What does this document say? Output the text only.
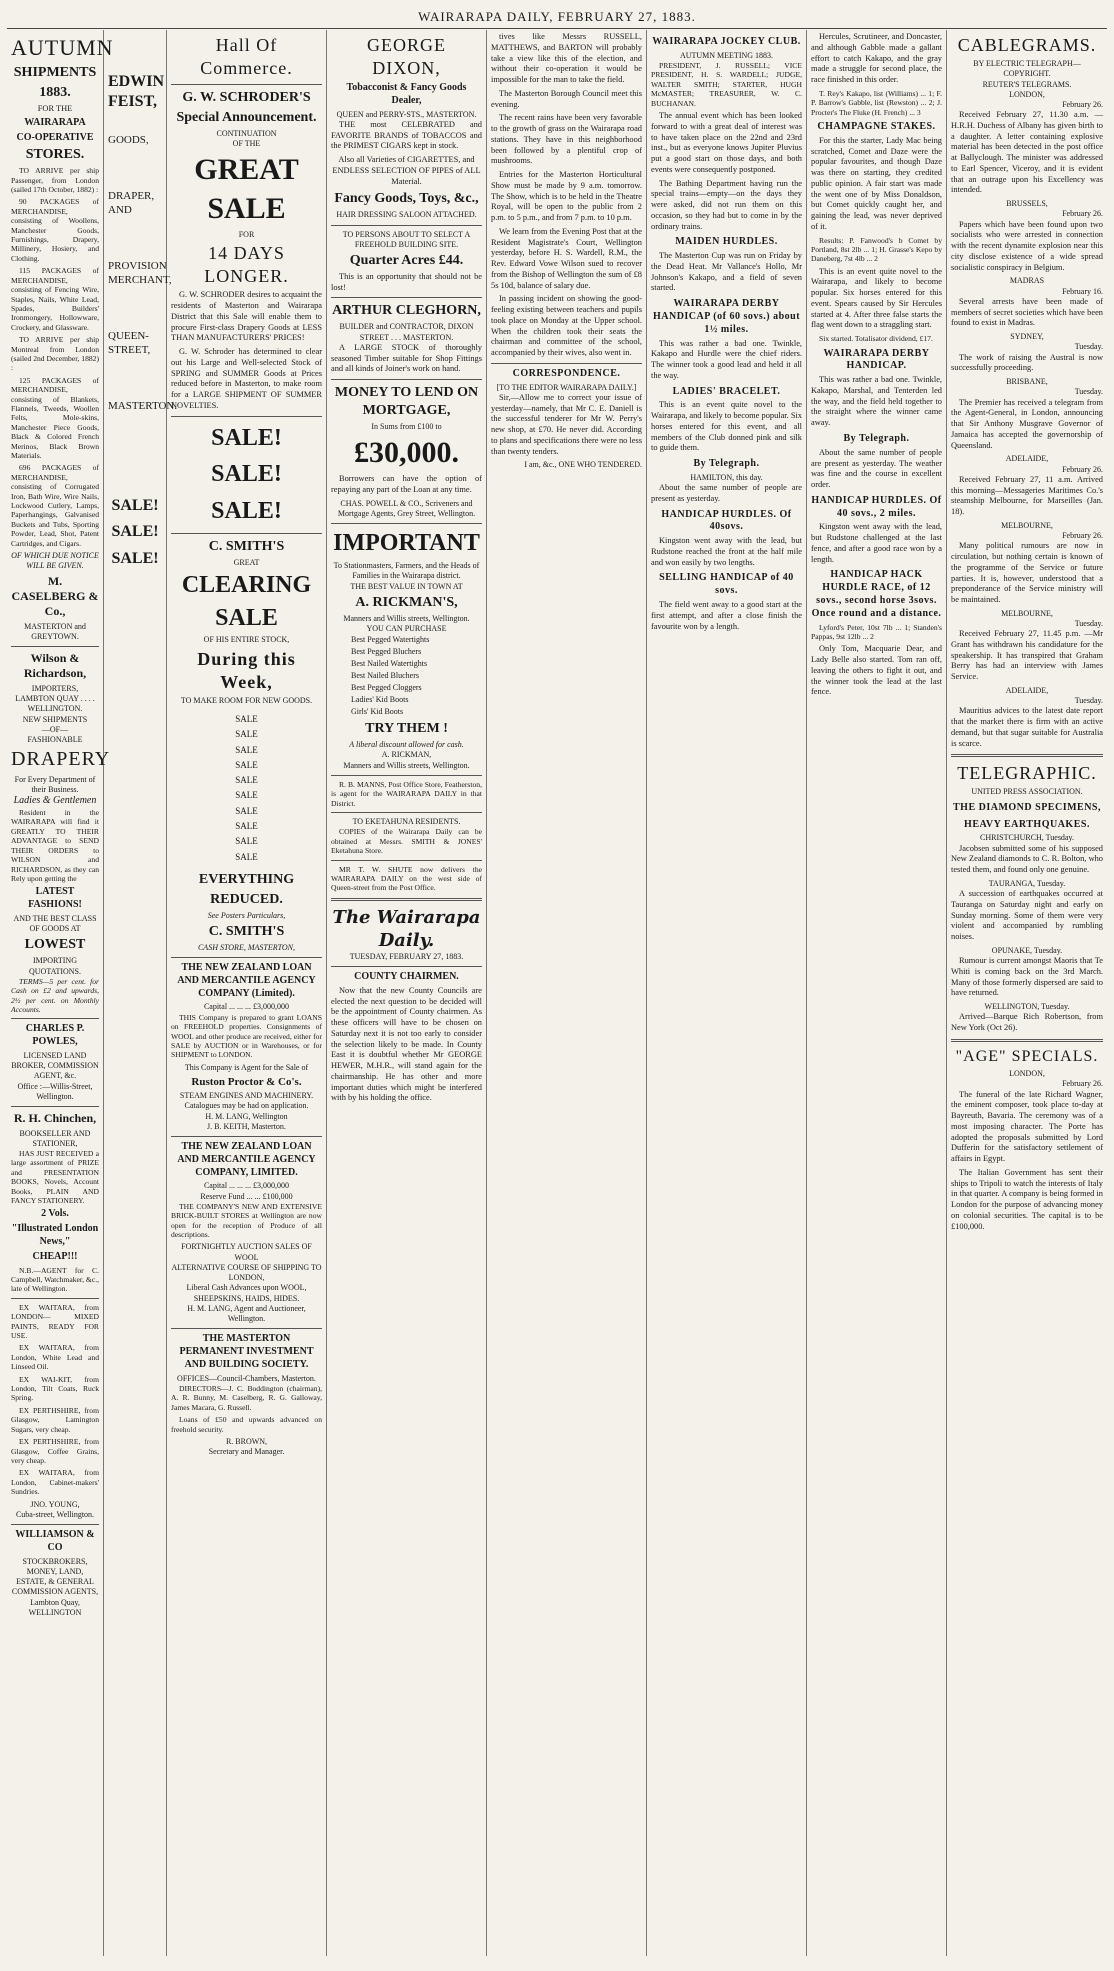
WAIRARAPA DAILY, FEBRUARY 27, 1883.
AUTUMN
SHIPMENTS
1883.
FOR THE
WAIRARAPA
CO-OPERATIVE
STORES.

TO ARRIVE per ship Passenger, from London (sailed 17th October, 1882) :

90 PACKAGES of MERCHANDISE, consisting of Woollens, Manchester Goods, Furnishings, Drapery, Millinery, Hosiery, and Clothing.

115 PACKAGES of MERCHANDISE, consisting of Fencing Wire, Staples, Nails, White Lead, Spades, Builders' Ironmongery, Hollowware, Crockery, and Glassware.

TO ARRIVE per ship Montreal from London (sailed 2nd December, 1882) :

125 PACKAGES of MERCHANDISE, consisting of Blankets, Flannels, Tweeds, Woollen Felts, Mole-skins, Manchester Piece Goods, Black & Colored French Merinos, Black Brown Materials.

696 PACKAGES of MERCHANDISE, consisting of Corrugated Iron, Bath Wire, Wire Nails, Lockwood Cutlery, Lamps, Paperhangings, Galvanised Buckets and Tubs, Sporting Powder, Lead, Shot, Patent Cartridges, and Cigars.

OF WHICH DUE NOTICE WILL BE GIVEN.
M. CASELBERG & Co.,
MASTERTON and GREYTOWN.
Wilson & Richardson,
IMPORTERS,
LAMBTON QUAY . . . . WELLINGTON.
NEW SHIPMENTS
—OF—
FASHIONABLE
DRAPERY
For Every Department of their Business.
Ladies & Gentlemen

Resident in the WAIRARAPA will find it GREATLY TO THEIR ADVANTAGE to SEND THEIR ORDERS to WILSON and RICHARDSON, as they can Rely upon getting the

LATEST FASHIONS!
AND THE BEST CLASS OF GOODS AT
LOWEST
IMPORTING QUOTATIONS.

TERMS—5 per cent. for Cash on £2 and upwards, 2½ per cent. on Monthly Accounts.

CHARLES P. POWLES,
LICENSED LAND BROKER, COMMISSION AGENT, &c.
Office :—Willis-Street, Wellington.
R. H. Chinchen,
BOOKSELLER AND STATIONER,

HAS JUST RECEIVED a large assortment of PRIZE and PRESENTATION BOOKS, Novels, Account Books, PLAIN AND FANCY STATIONERY.

2 Vols.
"Illustrated London News,"
CHEAP!!!

N.B.—AGENT for C. Campbell, Watchmaker, &c., late of Wellington.

EX WAITARA, from LONDON— MIXED PAINTS, READY FOR USE.

EX WAITARA, from London, White Lead and Linseed Oil.

EX WAI-KIT, from London, Tilt Coats, Ruck Spring.

EX PERTHSHIRE, from Glasgow, Lamington Sugars, very cheap.

EX PERTHSHIRE, from Glasgow, Coffee Grains, very cheap.

EX WAITARA, from London, Cabinet-makers' Sundries.

JNO. YOUNG,
Cuba-street, Wellington.
WILLIAMSON & CO
STOCKBROKERS, MONEY, LAND, ESTATE, & GENERAL COMMISSION AGENTS, Lambton Quay, WELLINGTON
EDWIN FEIST,
GOODS,
DRAPER, AND
PROVISION MERCHANT,
QUEEN-STREET,
MASTERTON.
SALE!
SALE!
SALE!
Hall Of Commerce.
G. W. SCHRODER'S
Special Announcement.
CONTINUATION
OF THE
GREAT SALE
FOR
14 DAYS LONGER.

G. W. SCHRODER desires to acquaint the residents of Masterton and Wairarapa District that this Sale will enable them to procure First-class Drapery Goods at LESS THAN MANUFACTURERS' PRICES!

G. W. Schroder has determined to clear out his Large and Well-selected Stock of SPRING and SUMMER Goods at Prices reduced before in Masterton, to make room for a LARGE SHIPMENT OF SUMMER NOVELTIES.

SALE!
SALE!
SALE!
C. SMITH'S
GREAT
CLEARING
SALE
OF HIS ENTIRE STOCK,
During this Week,
TO MAKE ROOM FOR NEW GOODS.
SALE
SALE
SALE
SALE
SALE
SALE
SALE
SALE
SALE
SALE
EVERYTHING
REDUCED.
See Posters Particulars,
C. SMITH'S
CASH STORE, MASTERTON,
THE NEW ZEALAND LOAN AND MERCANTILE AGENCY COMPANY (Limited).
Capital ... ... ... £3,000,000

THIS Company is prepared to grant LOANS on FREEHOLD properties. Consignments of WOOL and other produce are received, either for SALE by AUCTION or in Warehouses, or for SHIPMENT to LONDON.

This Company is Agent for the Sale of
Ruston Proctor & Co's.
STEAM ENGINES AND MACHINERY.
Catalogues may be had on application.
H. M. LANG, Wellington
J. B. KEITH, Masterton.
THE NEW ZEALAND LOAN AND MERCANTILE AGENCY COMPANY, LIMITED.
Capital ... ... ... £3,000,000
Reserve Fund ... ... £100,000

THE COMPANY'S NEW AND EXTENSIVE BRICK-BUILT STORES at Wellington are now open for the reception of Produce of all descriptions.

FORTNIGHTLY AUCTION SALES OF WOOL
ALTERNATIVE COURSE OF SHIPPING TO LONDON,
Liberal Cash Advances upon WOOL, SHEEPSKINS, HAIDS, HIDES.
H. M. LANG, Agent and Auctioneer, Wellington.
THE MASTERTON PERMANENT INVESTMENT AND BUILDING SOCIETY.
OFFICES—Council-Chambers, Masterton.

DIRECTORS—J. C. Boddington (chairman), A. R. Bunny, M. Caselberg, R. G. Galloway, James Macara, G. Russell.

Loans of £50 and upwards advanced on freehold security.

R. BROWN,
Secretary and Manager.
GEORGE DIXON,
Tobacconist & Fancy Goods Dealer,
QUEEN and PERRY-STS., MASTERTON.

THE most CELEBRATED and FAVORITE BRANDS of TOBACCOS and the PRIMEST CIGARS kept in stock.

Also all Varieties of CIGARETTES, and ENDLESS SELECTION OF PIPES of ALL Material.

Fancy Goods, Toys, &c.,
HAIR DRESSING SALOON ATTACHED.
TO PERSONS ABOUT TO SELECT A FREEHOLD BUILDING SITE.
Quarter Acres £44.

This is an opportunity that should not be lost!

ARTHUR CLEGHORN,
BUILDER and CONTRACTOR, DIXON STREET . . . MASTERTON.

A LARGE STOCK of thoroughly seasoned Timber suitable for Shop Fittings and all kinds of Joiner's work on hand.

MONEY TO LEND ON MORTGAGE,
In Sums from £100 to
£30,000.

Borrowers can have the option of repaying any part of the Loan at any time.

CHAS. POWELL & CO., Scriveners and Mortgage Agents, Grey Street, Wellington.
IMPORTANT
To Stationmasters, Farmers, and the Heads of Families in the Wairarapa district.
THE BEST VALUE IN TOWN AT
A. RICKMAN'S,
Manners and Willis streets, Wellington.
YOU CAN PURCHASE
Best Pegged Watertights
Best Pegged Bluchers
Best Nailed Watertights
Best Nailed Bluchers
Best Pegged Cloggers
Ladies' Kid Boots
Girls' Kid Boots
TRY THEM !
A liberal discount allowed for cash.
A. RICKMAN,
Manners and Willis streets, Wellington.

R. B. MANNS, Post Office Store, Featherston, is agent for the WAIRARAPA DAILY in that District.

TO EKETAHUNA RESIDENTS.

COPIES of the Wairarapa Daily can be obtained at Messrs. SMITH & JONES' Eketahuna Store.

MR T. W. SHUTE now delivers the WAIRARAPA DAILY on the west side of Queen-street from the Post Office.

The Wairarapa Daily.
TUESDAY, FEBRUARY 27, 1883.
COUNTY CHAIRMEN.

Now that the new County Councils are elected the next question to be decided will be the appointment of County chairmen. As these officers will have to be chosen on Saturday next it is not too early to consider the selection likely to be made. In County East it is doubtful whether Mr GEORGE HEWER, M.H.R., will stand again for the chairmanship. He has other and more important duties which might be interfered with by his holding the office.

tives like Messrs RUSSELL, MATTHEWS, and BARTON will probably take a view like this of the election, and without their co-operation it would be impossible for the man to take the field.

The Masterton Borough Council meet this evening.

The recent rains have been very favorable to the growth of grass on the Wairarapa road stations. They have in this neighborhood been followed by a plentiful crop of mushrooms.

Entries for the Masterton Horticultural Show must be made by 9 a.m. tomorrow. The Show, which is to be held in the Theatre Royal, will be open to the public from 2 p.m. to 5 p.m., and from 7 p.m. to 10 p.m.

We learn from the Evening Post that at the Resident Magistrate's Court, Wellington yesterday, before H. S. Wardell, R.M., the Rev. Edward Vowe Wilson sued to recover from the Bishop of Wellington the sum of £8 5s 10d, balance of salary due.

In passing incident on showing the good-feeling existing between teachers and pupils took place on Monday at the Upper school. When the children took their seats the chairman and committee of the school, accompanied by their wives, also went in.

CORRESPONDENCE.
[TO THE EDITOR WAIRARAPA DAILY.]

Sir,—Allow me to correct your issue of yesterday—namely, that Mr C. E. Daniell is the successful tenderer for Mr W. Perry's new shop, at £70. He never did. According to plans and specifications there were no less than twenty tenders.

I am, &c., ONE WHO TENDERED.
WAIRARAPA JOCKEY CLUB.
AUTUMN MEETING 1883.

PRESIDENT, J. RUSSELL; VICE PRESIDENT, H. S. WARDELL; JUDGE, WALTER SMITH; STARTER, HUGH McMASTER; TREASURER, W. C. BUCHANAN.

The annual event which has been looked forward to with a great deal of interest was to have taken place on the 22nd and 23rd inst., but as everyone knows Jupiter Pluvius put a good start on those days, and both events were consequently postponed.

The Bathing Department having run the special trains—empty—on the days they were asked, did not run them on this occasion, so they had but to come in by the ordinary trains.

MAIDEN HURDLES.

The Masterton Cup was run on Friday by the Dead Heat. Mr Vallance's Hollo, Mr Johnson's Kakapo, and a field of seven started.

WAIRARAPA DERBY HANDICAP (of 60 sovs.) about 1½ miles.

This was rather a bad one. Twinkle, Kakapo and Hurdle were the chief riders. The winner took a good lead and held it all the way.

LADIES' BRACELET.

This is an event quite novel to the Wairarapa, and likely to become popular. Six horses entered for this event, and all members of the Club donned pink and silk to guide them.

By Telegraph.
HAMILTON, this day.

About the same number of people are present as yesterday.

HANDICAP HURDLES. Of 40sovs.

Kingston went away with the lead, but Rudstone reached the front at the half mile and won easily by two lengths.

SELLING HANDICAP of 40 sovs.

The field went away to a good start at the first attempt, and after a close finish the favourite won by a length.

Hercules, Scrutineer, and Doncaster, and although Gabble made a gallant effort to catch Kakapo, and the gray made a struggle for second place, the race finished in this order.

T. Rey's Kakapo, list (Williams) ... 1; F. P. Barrow's Gabble, list (Rewston) ... 2; J. Procter's The Fluke (H. French) ... 3

CHAMPAGNE STAKES.

For this the starter, Lady Mac being scratched, Comet and Daze were the popular favourites, and though Daze was there on starting, they credited public opinion. A fair start was made the went one of by Miss Donaldson, but Comet quickly caught her, and gaining the lead, was never deprived of it.

Results: P. Fanwood's b Comet by Portland, 8st 2lb ... 1; H. Grasse's Kepo by Daneberg, 7st 4lb ... 2

This is an event quite novel to the Wairarapa, and likely to become popular. Six horses entered for this event. Spears caused by Sir Hercules started at 4. After three false starts the flag went down to a straggling start.

Six started. Totalisator dividend, £17.

WAIRARAPA DERBY HANDICAP.

This was rather a bad one. Twinkle, Kakapo, Marshal, and Tenterden led the way, and the field held together to the straight where the winner came away.

By Telegraph.

About the same number of people are present as yesterday. The weather was fine and the course in excellent order.

HANDICAP HURDLES. Of 40 sovs., 2 miles.

Kingston went away with the lead, but Rudstone challenged at the last fence, and after a good race won by a length.

HANDICAP HACK HURDLE RACE, of 12 sovs., second horse 3sovs. Once round and a distance.

Lyford's Peter, 10st 7lb ... 1; Standen's Pappas, 9st 12lb ... 2

Only Tom, Macquarie Dear, and Lady Belle also started. Tom ran off, leaving the others to fight it out, and the winner took the lead at the last fence.

CABLEGRAMS.
BY ELECTRIC TELEGRAPH—COPYRIGHT.
REUTER'S TELEGRAMS.
LONDON,
February 26.

Received February 27, 11.30 a.m. —H.R.H. Duchess of Albany has given birth to a daughter. A letter containing explosive material has been detected in the post office at Ballyclough. The minister was addressed to Earl Spencer, Viceroy, and it is evident that an outrage upon his Excellency was intended.

BRUSSELS,
February 26.

Papers which have been found upon two socialists who were arrested in connection with the recent dynamite explosion near this city disclose existence of a wide spread socialistic conspiracy in Belgium.

MADRAS
February 16.

Several arrests have been made of members of secret societies which have been found to exist in Madras.

SYDNEY,
Tuesday.

The work of raising the Austral is now successfully proceeding.

BRISBANE,
Tuesday.

The Premier has received a telegram from the Agent-General, in London, announcing that Sir Anthony Musgrave Governor of Jamaica has accepted the governorship of Queensland.

ADELAIDE,
February 26.

Received February 27, 11 a.m. Arrived this morning—Messageries Maritimes Co.'s steamship Melbourne, for Marseilles (Jan. 18).

MELBOURNE,
February 26.

Many political rumours are now in circulation, but nothing certain is known of the programme of the Service or future parties. It is, however, understood that a preponderance of the Service ministry will be maintained.

MELBOURNE,
Tuesday.

Received February 27, 11.45 p.m. —Mr Grant has withdrawn his candidature for the speakership. It has transpired that Graham Berry has had an interview with James Service.

ADELAIDE,
Tuesday.

Mauritius advices to the latest date report that the market there is firm with an active demand, but that sugar suitable for Australia is scarce.

TELEGRAPHIC.
UNITED PRESS ASSOCIATION.
THE DIAMOND SPECIMENS,
HEAVY EARTHQUAKES.
CHRISTCHURCH, Tuesday.

Jacobsen submitted some of his supposed New Zealand diamonds to C. R. Bolton, who tested them, and found only one genuine.

TAURANGA, Tuesday.

A succession of earthquakes occurred at Tauranga on Saturday night and early on Sunday morning. Some of them were very violent and accompanied by rumbling noises.

OPUNAKE, Tuesday.

Rumour is current amongst Maoris that Te Whiti is coming back on the 3rd March. Many of those formerly dispersed are said to have returned.

WELLINGTON, Tuesday.

Arrived—Barque Rich Robertson, from New York (Oct 26).

"AGE" SPECIALS.
LONDON,
February 26.

The funeral of the late Richard Wagner, the eminent composer, took place to-day at Bayreuth, Bavaria. The ceremony was of a most imposing character. The Porte has adopted the proposals submitted by Lord Dufferin for the satisfactory settlement of affairs in Egypt.

The Italian Government has sent their ships to Tripoli to watch the interests of Italy in that quarter. A company is being formed in London for the purpose of advancing money on colonial securities. The capital is to be £100,000.
